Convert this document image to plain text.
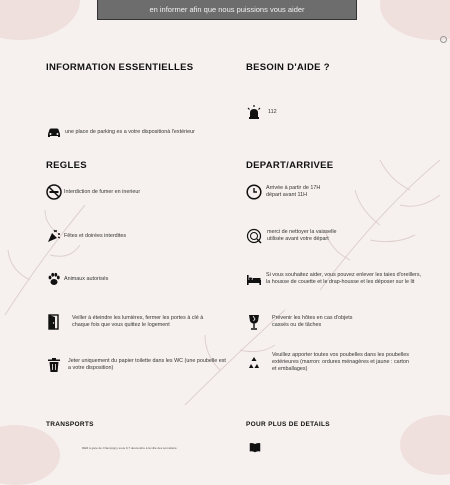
en informer afin que nous puissions vous aider
INFORMATION ESSENTIELLES	BESOIN D'AIDE ?
REGLES	DEPART/ARRIVEE
TRANSPORTS	POUR PLUS DE DETAILS
une place de parking es a votre dispositionà l'extérieur
112
Interdiction de fumer en inerieur
Fêtes et doirées interdites
Animaux autorisés
Veiller à éteindre les lumières, fermer les portes à clé à chaque fois que vous quittez le logement
Jeter uniquement du papier toilette dans les WC (une poubelle est a votre disposition)
Arrivée à partir de 17H départ avant 11H
merci de nettoyer la vaisselle utilisée avant votre départ
Si vous souhaitez aider, vous pouvez enlever les taies d'oreillers, la housse de couette et le drap-housse et les déposer sur le lit
Prévenir les hôtes en cas d'objets cassés ou de tâches
Veuillez apporter toutes vos poubelles dans les poubelles extérieures (marron: ordures ménagères et jaune : carton et emballages)
RER à gare de Champigny sous 0,7 descendre à la ville des sorcellerie
